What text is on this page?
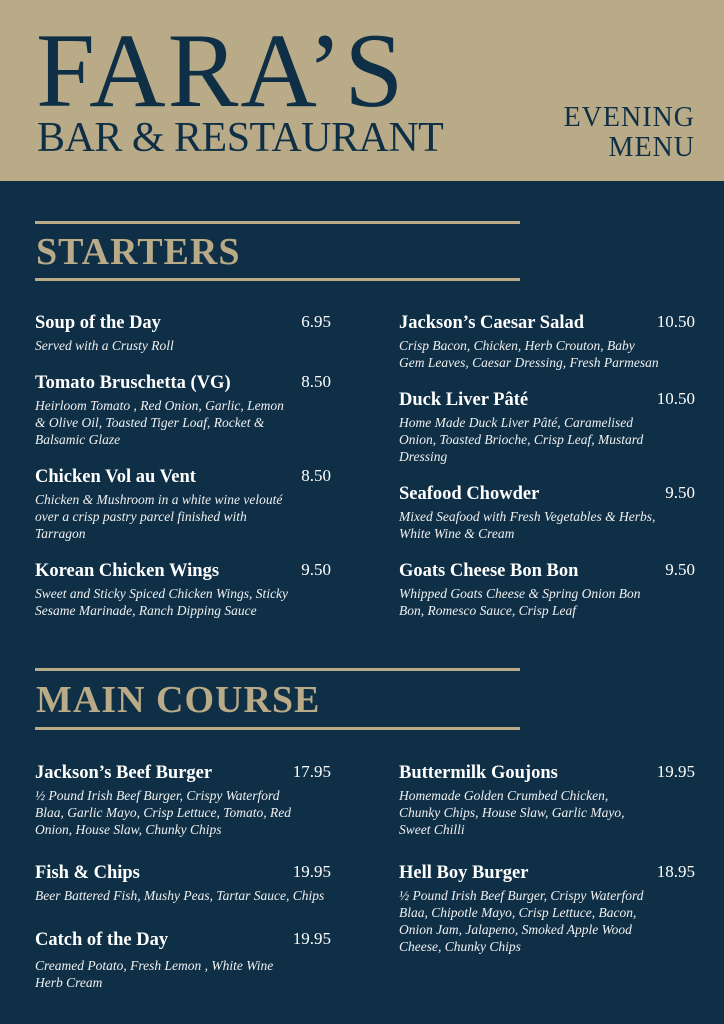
FARA’S
BAR & RESTAURANT	EVENING
MENU
STARTERS
MAIN COURSE
Soup of the Day	6.95
Served with a Crusty Roll
Tomato Bruschetta (VG)	8.50
Heirloom Tomato , Red Onion, Garlic, Lemon & Olive Oil, Toasted Tiger Loaf, Rocket & Balsamic Glaze
Chicken Vol au Vent	8.50
Chicken & Mushroom in a white wine velouté over a crisp pastry parcel finished with Tarragon
Korean Chicken Wings	9.50
Sweet and Sticky Spiced Chicken Wings, Sticky Sesame Marinade, Ranch Dipping Sauce
Jackson’s Caesar Salad	10.50
Crisp Bacon, Chicken, Herb Crouton, Baby Gem Leaves, Caesar Dressing, Fresh Parmesan
Duck Liver Pâté	10.50
Home Made Duck Liver Pâté, Caramelised Onion, Toasted Brioche, Crisp Leaf, Mustard Dressing
Seafood Chowder	9.50
Mixed Seafood with Fresh Vegetables & Herbs, White Wine & Cream
Goats Cheese Bon Bon	9.50
Whipped Goats Cheese & Spring Onion Bon Bon, Romesco Sauce, Crisp Leaf
Jackson’s Beef Burger	17.95
½ Pound Irish Beef Burger, Crispy Waterford Blaa, Garlic Mayo, Crisp Lettuce, Tomato, Red Onion, House Slaw, Chunky Chips
Fish & Chips	19.95
Beer Battered Fish, Mushy Peas, Tartar Sauce, Chips
Catch of the Day	19.95
Creamed Potato, Fresh Lemon , White Wine Herb Cream
Buttermilk Goujons	19.95
Homemade Golden Crumbed Chicken, Chunky Chips, House Slaw, Garlic Mayo, Sweet Chilli
Hell Boy Burger	18.95
½ Pound Irish Beef Burger, Crispy Waterford Blaa, Chipotle Mayo, Crisp Lettuce, Bacon, Onion Jam, Jalapeno, Smoked Apple Wood Cheese, Chunky Chips
